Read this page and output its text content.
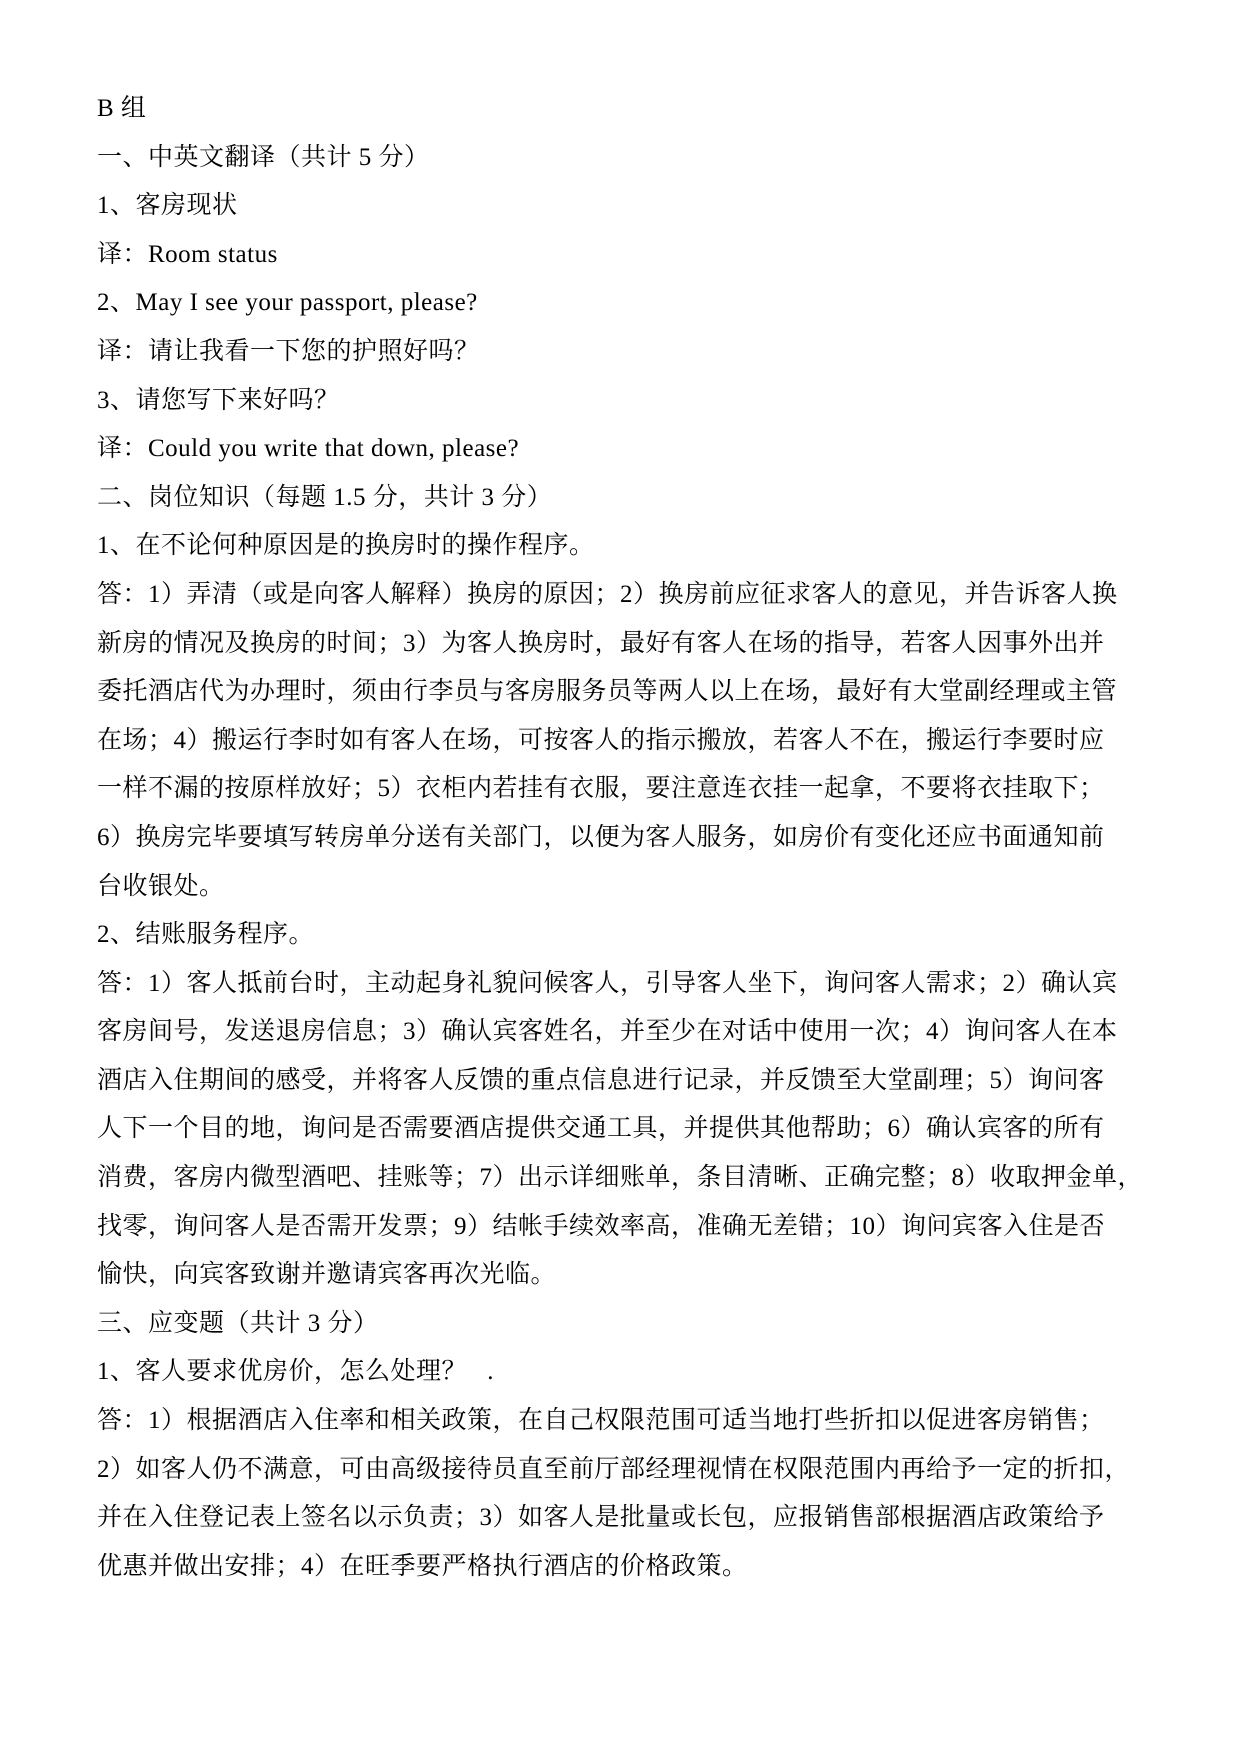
B 组
一、中英文翻译（共计 5 分）
1、客房现状
译：Room status
2、May I see your passport, please?
译：请让我看一下您的护照好吗？
3、请您写下来好吗？
译：Could you write that down, please?
二、岗位知识（每题 1.5 分，共计 3 分）
1、在不论何种原因是的换房时的操作程序。
答：1）弄清（或是向客人解释）换房的原因；2）换房前应征求客人的意见，并告诉客人换
新房的情况及换房的时间；3）为客人换房时，最好有客人在场的指导，若客人因事外出并
委托酒店代为办理时，须由行李员与客房服务员等两人以上在场，最好有大堂副经理或主管
在场；4）搬运行李时如有客人在场，可按客人的指示搬放，若客人不在，搬运行李要时应
一样不漏的按原样放好；5）衣柜内若挂有衣服，要注意连衣挂一起拿，不要将衣挂取下；
6）换房完毕要填写转房单分送有关部门，以便为客人服务，如房价有变化还应书面通知前
台收银处。
2、结账服务程序。
答：1）客人抵前台时，主动起身礼貌问候客人，引导客人坐下，询问客人需求；2）确认宾
客房间号，发送退房信息；3）确认宾客姓名，并至少在对话中使用一次；4）询问客人在本
酒店入住期间的感受，并将客人反馈的重点信息进行记录，并反馈至大堂副理；5）询问客
人下一个目的地，询问是否需要酒店提供交通工具，并提供其他帮助；6）确认宾客的所有
消费，客房内微型酒吧、挂账等；7）出示详细账单，条目清晰、正确完整；8）收取押金单，
找零，询问客人是否需开发票；9）结帐手续效率高，准确无差错；10）询问宾客入住是否
愉快，向宾客致谢并邀请宾客再次光临。
三、应变题（共计 3 分）
1、客人要求优房价，怎么处理？   .
答：1）根据酒店入住率和相关政策，在自己权限范围可适当地打些折扣以促进客房销售；
2）如客人仍不满意，可由高级接待员直至前厅部经理视情在权限范围内再给予一定的折扣，
并在入住登记表上签名以示负责；3）如客人是批量或长包，应报销售部根据酒店政策给予
优惠并做出安排；4）在旺季要严格执行酒店的价格政策。
